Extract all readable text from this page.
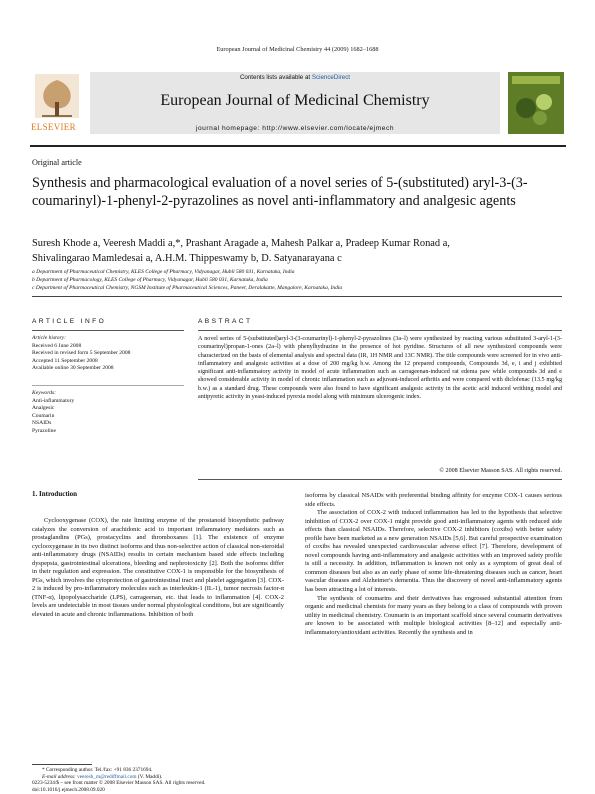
European Journal of Medicinal Chemistry 44 (2009) 1682–1688
ELSEVIER
Contents lists available at ScienceDirect
European Journal of Medicinal Chemistry
journal homepage: http://www.elsevier.com/locate/ejmech
Original article
Synthesis and pharmacological evaluation of a novel series of 5-(substituted) aryl-3-(3-coumarinyl)-1-phenyl-2-pyrazolines as novel anti-inflammatory and analgesic agents
Suresh Khode a, Veeresh Maddi a,*, Prashant Aragade a, Mahesh Palkar a, Pradeep Kumar Ronad a,
Shivalingarao Mamledesai a, A.H.M. Thippeswamy b, D. Satyanarayana c
a Department of Pharmaceutical Chemistry, KLES College of Pharmacy, Vidyanagar, Hubli 580 031, Karnataka, India
b Department of Pharmacology, KLES College of Pharmacy, Vidyanagar, Hubli 580 031, Karnataka, India
c Department of Pharmaceutical Chemistry, NGSM Institute of Pharmaceutical Sciences, Paneer, Deralakatte, Mangalore, Karnataka, India
ARTICLE INFO	ABSTRACT
Article history:
Received 6 June 2008
Received in revised form 5 September 2008
Accepted 11 September 2008
Available online 30 September 2008
Keywords:
Anti-inflammatory
Analgesic
Coumarin
NSAIDs
Pyrazoline
A novel series of 5-(substituted)aryl-3-(3-coumarinyl)-1-phenyl-2-pyrazolines (3a–l) were synthesized by reacting various substituted 3-aryl-1-(3-coumarinyl)propan-1-ones (2a–l) with phenylhydrazine in the presence of hot pyridine. Structures of all new synthesized compounds were characterized on the basis of elemental analysis and spectral data (IR, 1H NMR and 13C NMR). The title compounds were screened for in vivo anti-inflammatory and analgesic activities at a dose of 200 mg/kg b.w. Among the 12 prepared compounds, Compounds 3d, e, i and j exhibited significant anti-inflammatory activity in model of acute inflammation such as carrageenan-induced rat edema paw while compounds 3d and e showed considerable activity in model of chronic inflammation such as adjuvant-induced arthritis and were compared with diclofenac (13.5 mg/kg b.w.) as a standard drug. These compounds were also found to have significant analgesic activity in the acetic acid induced writhing model and antipyretic activity in yeast-induced pyrexia model along with minimum ulcerogenic index.
© 2008 Elsevier Masson SAS. All rights reserved.
1. Introduction

Cyclooxygenase (COX), the rate limiting enzyme of the prostanoid biosynthetic pathway catalyzes the conversion of arachidonic acid to important inflammatory mediators such as prostaglandins (PGs), prostacyclins and thromboxanes [1]. The existence of enzyme cyclooxygenase in its two distinct isoforms and thus non-selective action of classical non-steroidal anti-inflammatory drugs (NSAIDs) results in certain mechanism based side effects including dyspepsia, gastrointestinal ulcerations, bleeding and nephrotoxicity [2]. Both the isoforms differ in their regulation and expression. The constitutive COX-1 is responsible for the biosynthesis of PGs, which involves the cytoprotection of gastrointestinal tract and platelet aggregation [3]. COX-2 is induced by pro-inflammatory molecules such as interleukin-1 (IL-1), tumor necrosis factor-α (TNF-α), lipopolysaccharide (LPS), carrageenan, etc. that leads to inflammation [4]. COX-2 levels are undetectable in most tissues under normal physiological conditions, but are significantly elevated in acute and chronic inflammations. Inhibition of both

isoforms by classical NSAIDs with preferential binding affinity for enzyme COX-1 causes serious side effects.

The association of COX-2 with induced inflammation has led to the hypothesis that selective inhibition of COX-2 over COX-1 might provide good anti-inflammatory agents with reduced side effects than classical NSAIDs. Therefore, selective COX-2 inhibitors (coxibs) with better safety profile have been marketed as a new generation NSAIDs [5,6]. But careful prospective examination of coxibs has revealed unexpected cardiovascular adverse effect [7]. Therefore, development of novel compounds having anti-inflammatory and analgesic activities with an improved safety profile is still a necessity. In addition, inflammation is known not only as a symptom of great deal of common diseases but also as an early phase of some life-threatening diseases such as cancer, heart vascular diseases and Alzheimer's dementia. Thus the discovery of novel anti-inflammatory agents has been attracting a lot of interests.

The synthesis of coumarins and their derivatives has engrossed substantial attention from organic and medicinal chemists for many years as they belong to a class of compounds with proven utility in medicinal chemistry. Coumarin is an important scaffold since several coumarin derivatives are known to be associated with multiple biological activities [8–12] and especially anti-inflammatory/antioxidant activities. Recently the synthesis and in

* Corresponding author. Tel./fax: +91 836 2371694.
E-mail address: veeresh_m@rediffmail.com (V. Maddi).
0223-5234/$ – see front matter © 2008 Elsevier Masson SAS. All rights reserved.
doi:10.1016/j.ejmech.2008.09.020
